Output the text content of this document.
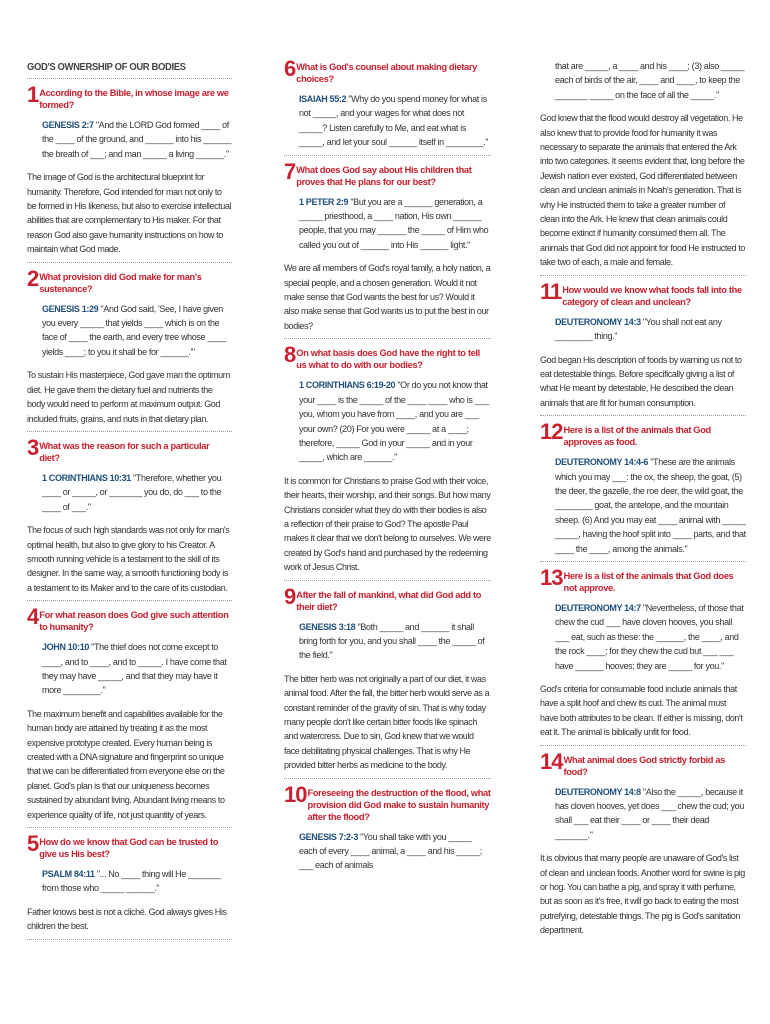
GOD'S OWNERSHIP OF OUR BODIES
1 According to the Bible, in whose image are we formed?
GENESIS 2:7 "And the LORD God formed ____ of the ____ of the ground, and ______ into his ______ the breath of ___; and man _____ a living ______."
The image of God is the architectural blueprint for humanity. Therefore, God intended for man not only to be formed in His likeness, but also to exercise intellectual abilities that are complementary to His maker. For that reason God also gave humanity instructions on how to maintain what God made.
2 What provision did God make for man's sustenance?
GENESIS 1:29 "And God said, 'See, I have given you every _____ that yields ____ which is on the face of ____ the earth, and every tree whose ____ yields ____; to you it shall be for ______.'"
To sustain His masterpiece, God gave man the optimum diet. He gave them the dietary fuel and nutrients the body would need to perform at maximum output. God included fruits, grains, and nuts in that dietary plan.
3 What was the reason for such a particular diet?
1 CORINTHIANS 10:31 "Therefore, whether you ____ or _____, or _______ you do, do ___ to the ____ of ___."
The focus of such high standards was not only for man's optimal health, but also to give glory to his Creator. A smooth running vehicle is a testament to the skill of its designer. In the same way, a smooth functioning body is a testament to its Maker and to the care of its custodian.
4 For what reason does God give such attention to humanity?
JOHN 10:10 "The thief does not come except to ____, and to ____, and to _____. I have come that they may have _____, and that they may have it more ________."
The maximum benefit and capabilities available for the human body are attained by treating it as the most expensive prototype created. Every human being is created with a DNA signature and fingerprint so unique that we can be differentiated from everyone else on the planet. God's plan is that our uniqueness becomes sustained by abundant living. Abundant living means to experience quality of life, not just quantity of years.
5 How do we know that God can be trusted to give us His best?
PSALM 84:11 "... No ____ thing will He _______ from those who _____ ______."
Father knows best is not a cliché. God always gives His children the best.
6 What is God's counsel about making dietary choices?
ISAIAH 55:2 "Why do you spend money for what is not _____, and your wages for what does not _____? Listen carefully to Me, and eat what is _____, and let your soul ______ itself in ________."
7 What does God say about His children that proves that He plans for our best?
1 PETER 2:9 "But you are a ______ generation, a _____ priesthood, a ____ nation, His own ______ people, that you may ______ the _____ of Him who called you out of ______ into His ______ light."
We are all members of God's royal family, a holy nation, a special people, and a chosen generation. Would it not make sense that God wants the best for us? Would it also make sense that God wants us to put the best in our bodies?
8 On what basis does God have the right to tell us what to do with our bodies?
1 CORINTHIANS 6:19-20 "Or do you not know that your ____ is the _____ of the ____ ____ who is ___ you, whom you have from ____, and you are ___ your own? (20) For you were _____ at a ____; therefore, _____ God in your _____ and in your _____, which are ______."
It is common for Christians to praise God with their voice, their hearts, their worship, and their songs. But how many Christians consider what they do with their bodies is also a reflection of their praise to God? The apostle Paul makes it clear that we don't belong to ourselves. We were created by God's hand and purchased by the redeeming work of Jesus Christ.
9 After the fall of mankind, what did God add to their diet?
GENESIS 3:18 "Both _____ and ______ it shall bring forth for you, and you shall ____ the _____ of the field."
The bitter herb was not originally a part of our diet, it was animal food. After the fall, the bitter herb would serve as a constant reminder of the gravity of sin. That is why today many people don't like certain bitter foods like spinach and watercress. Due to sin, God knew that we would face debilitating physical challenges. That is why He provided bitter herbs as medicine to the body.
10 Foreseeing the destruction of the flood, what provision did God make to sustain humanity after the flood?
GENESIS 7:2-3 "You shall take with you _____ each of every ____ animal, a ____ and his _____; ___ each of animals
that are _____, a ____ and his ____; (3) also _____ each of birds of the air, ____ and ____, to keep the _______ _____ on the face of all the _____."
God knew that the flood would destroy all vegetation. He also knew that to provide food for humanity it was necessary to separate the animals that entered the Ark into two categories. It seems evident that, long before the Jewish nation ever existed, God differentiated between clean and unclean animals in Noah's generation. That is why He instructed them to take a greater number of clean into the Ark. He knew that clean animals could become extinct if humanity consumed them all. The animals that God did not appoint for food He instructed to take two of each, a male and female.
11 How would we know what foods fall into the category of clean and unclean?
DEUTERONOMY 14:3 "You shall not eat any ________ thing."
God began His description of foods by warning us not to eat detestable things. Before specifically giving a list of what He meant by detestable, He described the clean animals that are fit for human consumption.
12 Here is a list of the animals that God approves as food.
DEUTERONOMY 14:4-6 "These are the animals which you may ___: the ox, the sheep, the goat, (5) the deer, the gazelle, the roe deer, the wild goat, the ________ goat, the antelope, and the mountain sheep. (6) And you may eat ____ animal with _____ _____, having the hoof split into ____ parts, and that ____ the ____, among the animals."
13 Here is a list of the animals that God does not approve.
DEUTERONOMY 14:7 "Nevertheless, of those that chew the cud ___ have cloven hooves, you shall ___ eat, such as these: the ______, the ____, and the rock ____; for they chew the cud but ___ ___ have ______ hooves; they are _____ for you."
God's criteria for consumable food include animals that have a split hoof and chew its cud. The animal must have both attributes to be clean. If either is missing, don't eat it. The animal is biblically unfit for food.
14 What animal does God strictly forbid as food?
DEUTERONOMY 14:8 "Also the _____, because it has cloven hooves, yet does ___ chew the cud; you shall ___ eat their ____ or ____ their dead _______."
It is obvious that many people are unaware of God's list of clean and unclean foods. Another word for swine is pig or hog. You can bathe a pig, and spray it with perfume, but as soon as it's free, it will go back to eating the most putrefying, detestable things. The pig is God's sanitation department.
